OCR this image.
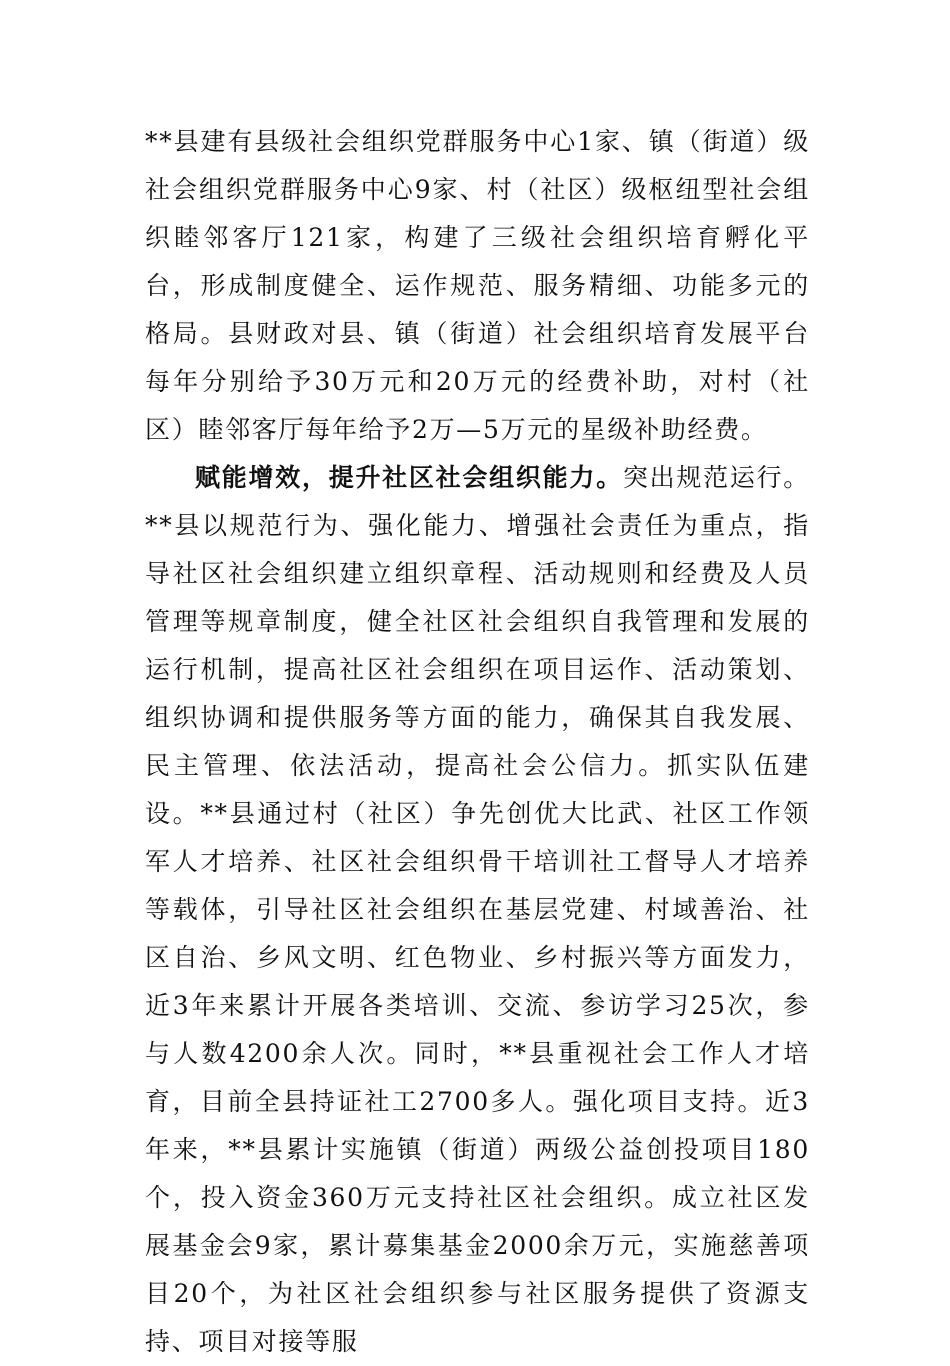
**县建有县级社会组织党群服务中心1家、镇（街道）级社会组织党群服务中心9家、村（社区）级枢纽型社会组织睦邻客厅121家，构建了三级社会组织培育孵化平台，形成制度健全、运作规范、服务精细、功能多元的格局。县财政对县、镇（街道）社会组织培育发展平台每年分别给予30万元和20万元的经费补助，对村（社区）睦邻客厅每年给予2万—5万元的星级补助经费。

赋能增效，提升社区社会组织能力。突出规范运行。**县以规范行为、强化能力、增强社会责任为重点，指导社区社会组织建立组织章程、活动规则和经费及人员管理等规章制度，健全社区社会组织自我管理和发展的运行机制，提高社区社会组织在项目运作、活动策划、组织协调和提供服务等方面的能力，确保其自我发展、民主管理、依法活动，提高社会公信力。抓实队伍建设。**县通过村（社区）争先创优大比武、社区工作领军人才培养、社区社会组织骨干培训社工督导人才培养等载体，引导社区社会组织在基层党建、村域善治、社区自治、乡风文明、红色物业、乡村振兴等方面发力，近3年来累计开展各类培训、交流、参访学习25次，参与人数4200余人次。同时，**县重视社会工作人才培育，目前全县持证社工2700多人。强化项目支持。近3年来，**县累计实施镇（街道）两级公益创投项目180个，投入资金360万元支持社区社会组织。成立社区发展基金会9家，累计募集基金2000余万元，实施慈善项目20个，为社区社会组织参与社区服务提供了资源支持、项目对接等服
